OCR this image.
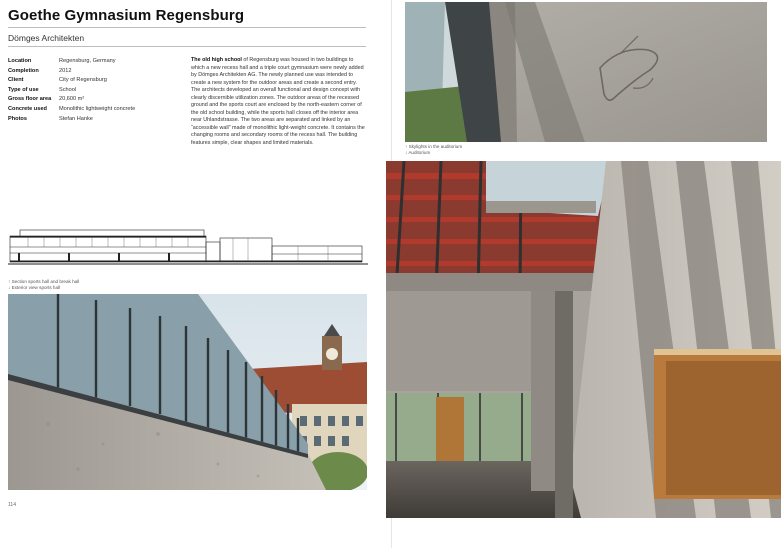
Goethe Gymnasium Regensburg
Dömges Architekten
Location	Regensburg, Germany
Completion	2012
Client	City of Regensburg
Type of use	School
Gross floor area	20,600 m²
Concrete used	Monolithic lightweight concrete
Photos	Stefan Hanke
The old high school of Regensburg was housed in two buildings to which a new recess hall and a triple court gymnasium were newly added by Dömges Architekten AG. The newly planned use was intended to create a new system for the outdoor areas and create a second entry. The architects developed an overall functional and design concept with clearly discernible utilization zones. The outdoor areas of the recessed ground and the sports court are enclosed by the north-eastern corner of the old school building, while the sports hall closes off the interior area near Uhlandstrasse. The two areas are separated and linked by an “accessible wall” made of monolithic light-weight concrete. It contains the changing rooms and secondary rooms of the recess hall. The building features simple, clear shapes and limited materials.
↑ Section sports hall and break hall
↓ Exterior view sports hall
114
↑ Skylights in the auditorium
↓ Auditorium
